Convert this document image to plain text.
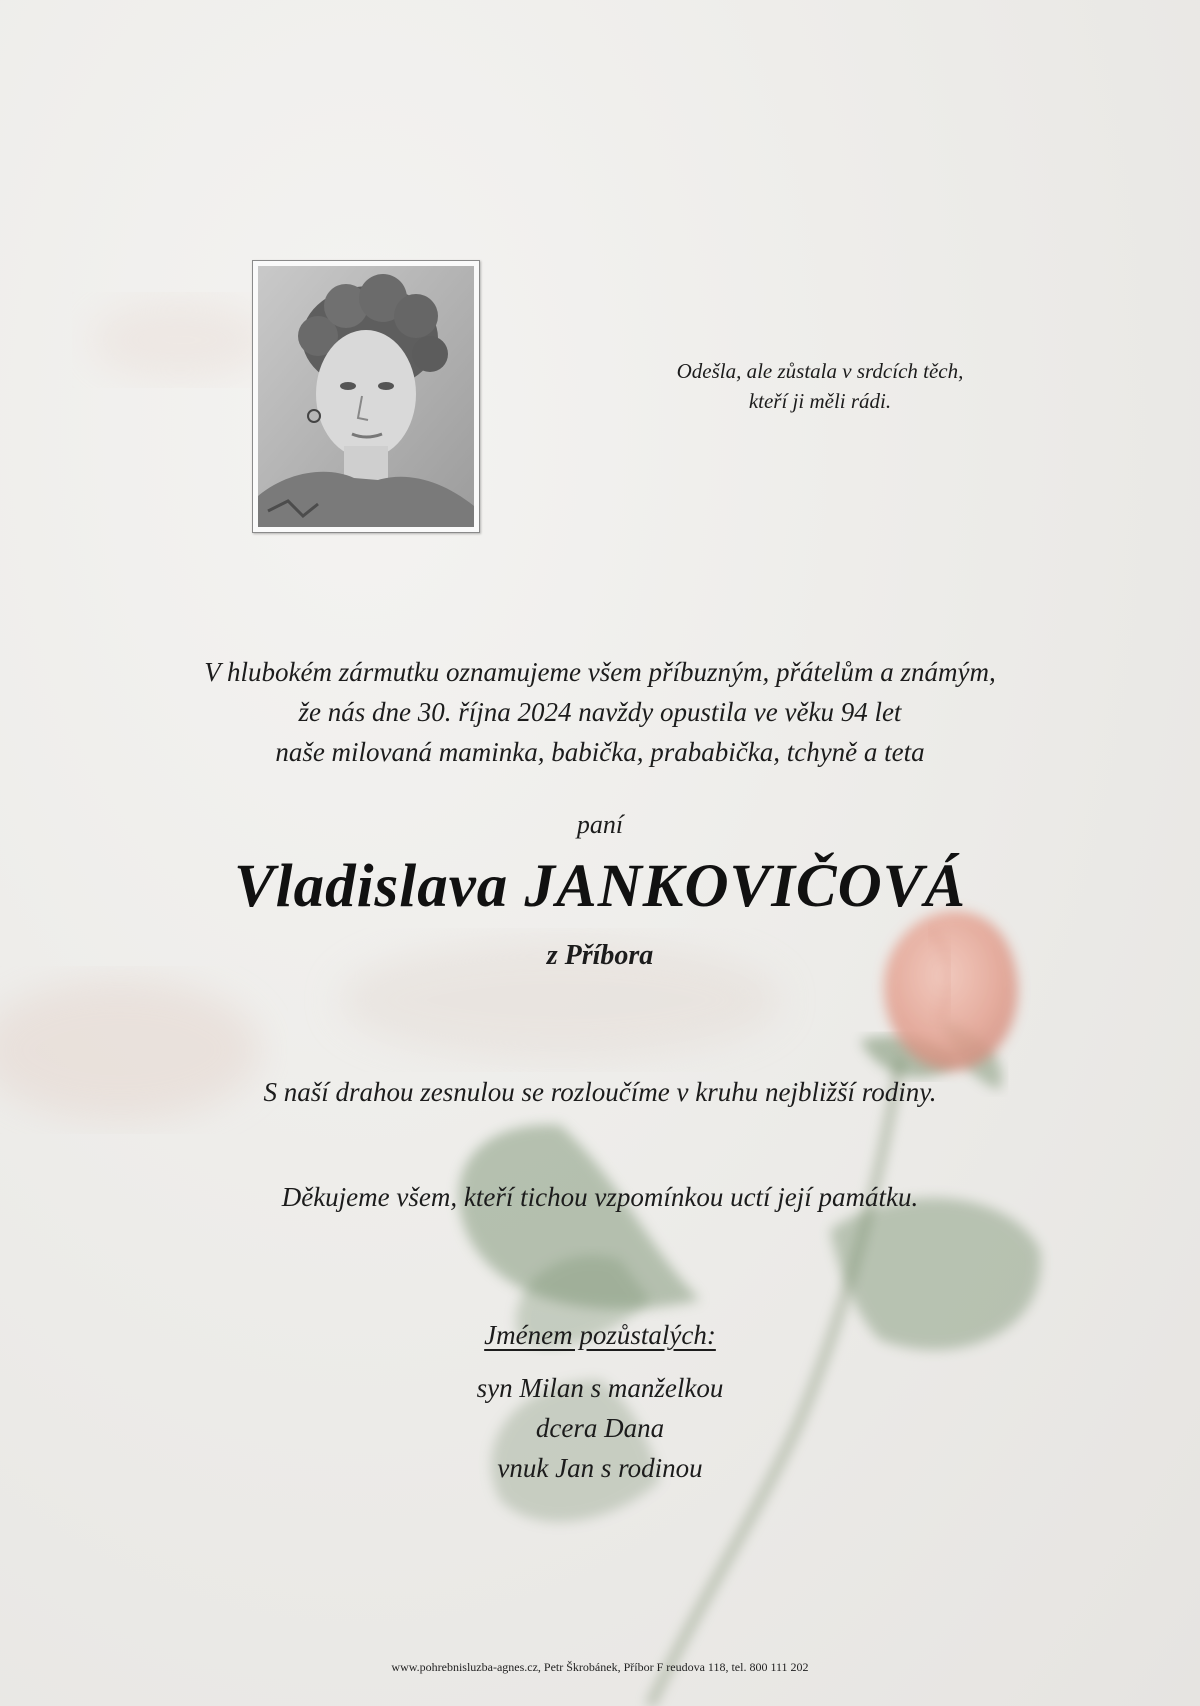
Odešla, ale zůstala v srdcích těch,
kteří ji měli rádi.
V hlubokém zármutku oznamujeme všem příbuzným, přátelům a známým,
že nás dne 30. října 2024 navždy opustila ve věku 94 let
naše milovaná maminka, babička, prababička, tchyně a teta
paní
Vladislava JANKOVIČOVÁ
z Příbora
S naší drahou zesnulou se rozloučíme v kruhu nejbližší rodiny.
Děkujeme všem, kteří tichou vzpomínkou uctí její památku.
Jménem pozůstalých:
syn Milan s manželkou
dcera Dana
vnuk Jan s rodinou
www.pohrebnisluzba-agnes.cz, Petr Škrobánek, Příbor F reudova 118, tel. 800 111 202
